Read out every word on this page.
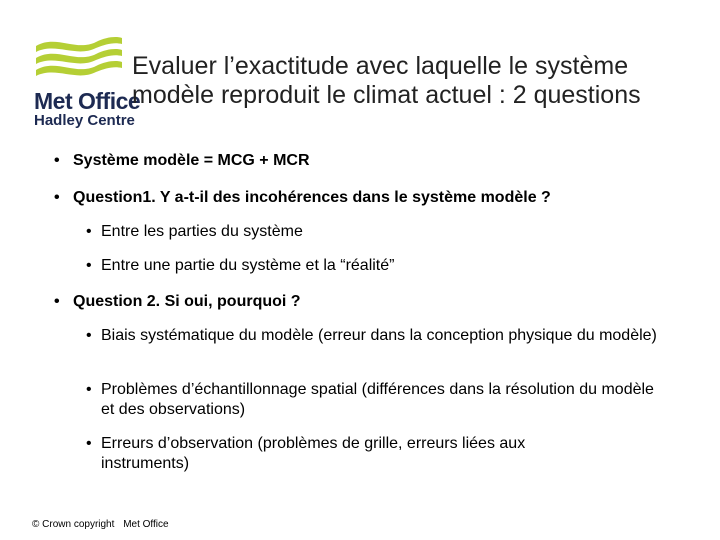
Met Office
Hadley Centre
Evaluer l’exactitude avec laquelle le système
modèle reproduit le climat actuel : 2 questions
• Système modèle = MCG + MCR
• Question1. Y a-t-il des incohérences dans le système modèle ?
• Entre les parties du système
• Entre une partie du système et la “réalité”
• Question 2. Si oui, pourquoi ?
• Biais systématique du modèle (erreur dans la conception physique du modèle)
• Problèmes d’échantillonnage spatial (différences dans la résolution du modèle et des observations)
• Erreurs d’observation (problèmes de grille, erreurs liées aux instruments)
© Crown copyright Met Office
